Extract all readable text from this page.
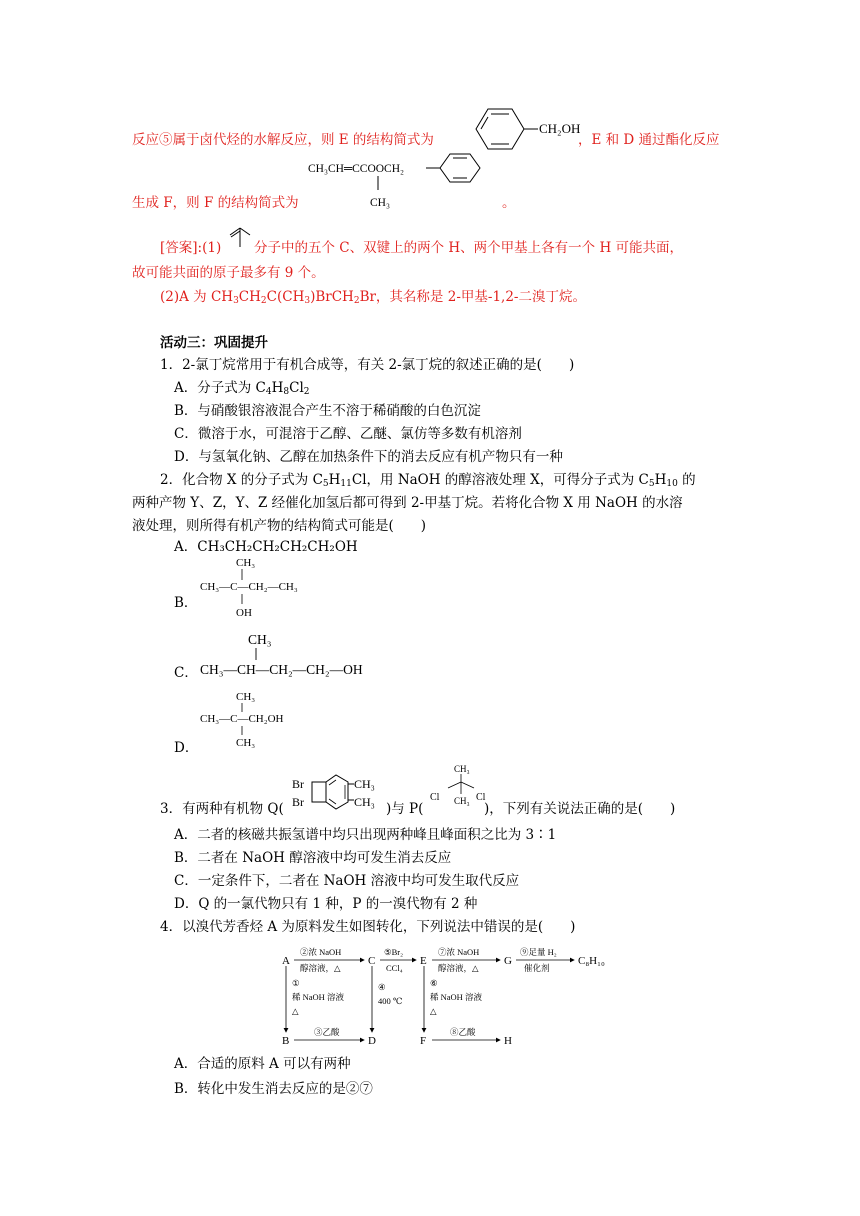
反应⑤属于卤代烃的水解反应，则 E 的结构简式为
CH₂OH
，E 和 D 通过酯化反应
CH₃CH═CCOOCH₂
CH₃
生成 F，则 F 的结构简式为	。
[答案]:(1) 分子中的五个 C、双键上的两个 H、两个甲基上各有一个 H 可能共面，
故可能共面的原子最多有 9 个。
(2)A 为 $CH_3CH_2C(CH_3)BrCH_2Br$，其名称是 2-甲基-1,2-二溴丁烷。
活动三：巩固提升
1．2-氯丁烷常用于有机合成等，有关 2-氯丁烷的叙述正确的是(　　)
A．分子式为 $C_4H_8Cl_2$
B．与硝酸银溶液混合产生不溶于稀硝酸的白色沉淀
C．微溶于水，可混溶于乙醇、乙醚、氯仿等多数有机溶剂
D．与氢氧化钠、乙醇在加热条件下的消去反应有机产物只有一种
2．化合物 X 的分子式为 $C_5H_{11}Cl$，用 NaOH 的醇溶液处理 X，可得分子式为 $C_5H_{10}$ 的
两种产物 Y、Z，Y、Z 经催化加氢后都可得到 2-甲基丁烷。若将化合物 X 用 NaOH 的水溶
液处理，则所得有机产物的结构简式可能是(　　)
A．CH₃CH₂CH₂CH₂CH₂OH
B．
CH₃
CH₃—C—CH₂—CH₃
OH
C．
CH₃
CH₃—CH—CH₂—CH₂—OH
D．
CH₃
CH₃—C—CH₂OH
CH₃
3．有两种有机物 Q(
Br
Br
CH₃
CH₃ )与 P(
CH₃
Cl	Cl
CH₃ )，下列有关说法正确的是(　　)
A．二者的核磁共振氢谱中均只出现两种峰且峰面积之比为 3∶1
B．二者在 NaOH 醇溶液中均可发生消去反应
C．一定条件下，二者在 NaOH 溶液中均可发生取代反应
D．Q 的一氯代物只有 1 种，P 的一溴代物有 2 种
4．以溴代芳香烃 A 为原料发生如图转化，下列说法中错误的是(　　)
A	C	E	G	C₈H₁₀
②浓 NaOH
醇溶液，△
⑤Br₂
CCl₄
⑦浓 NaOH
醇溶液，△
⑨足量 H₂
催化剂
①
稀 NaOH 溶液
△
④
400 ℃
⑥
稀 NaOH 溶液
△
B	D	F	H
③乙酸	⑧乙酸
A．合适的原料 A 可以有两种
B．转化中发生消去反应的是②⑦
